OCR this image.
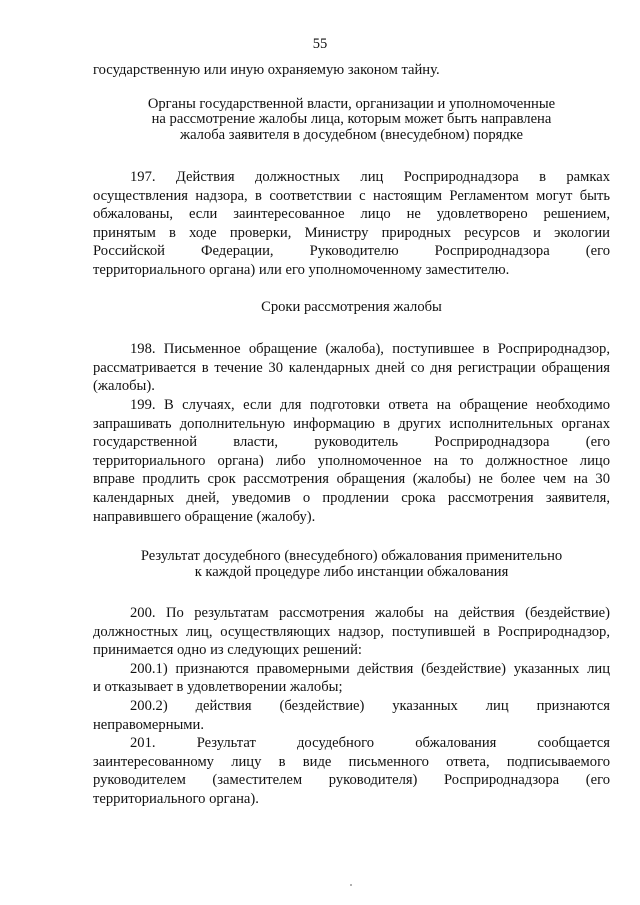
55
государственную или иную охраняемую законом тайну.
Органы государственной власти, организации и уполномоченные
на рассмотрение жалобы лица, которым может быть направлена
жалоба заявителя в досудебном (внесудебном) порядке
197. Действия должностных лиц Росприроднадзора в рамках
осуществления надзора, в соответствии с настоящим Регламентом могут быть
обжалованы, если заинтересованное лицо не удовлетворено решением,
принятым в ходе проверки, Министру природных ресурсов и экологии
Российской Федерации, Руководителю Росприроднадзора (его
территориального органа) или его уполномоченному заместителю.
Сроки рассмотрения жалобы
198. Письменное обращение (жалоба), поступившее в Росприроднадзор,
рассматривается в течение 30 календарных дней со дня регистрации обращения
(жалобы).
199. В случаях, если для подготовки ответа на обращение необходимо
запрашивать дополнительную информацию в других исполнительных органах
государственной власти, руководитель Росприроднадзора (его
территориального органа) либо уполномоченное на то должностное лицо
вправе продлить срок рассмотрения обращения (жалобы) не более чем на 30
календарных дней, уведомив о продлении срока рассмотрения заявителя,
направившего обращение (жалобу).
Результат досудебного (внесудебного) обжалования применительно
к каждой процедуре либо инстанции обжалования
200. По результатам рассмотрения жалобы на действия (бездействие)
должностных лиц, осуществляющих надзор, поступившей в Росприроднадзор,
принимается одно из следующих решений:
200.1) признаются правомерными действия (бездействие) указанных лиц
и отказывает в удовлетворении жалобы;
200.2) действия (бездействие) указанных лиц признаются
неправомерными.
201. Результат досудебного обжалования сообщается
заинтересованному лицу в виде письменного ответа, подписываемого
руководителем (заместителем руководителя) Росприроднадзора (его
территориального органа).
